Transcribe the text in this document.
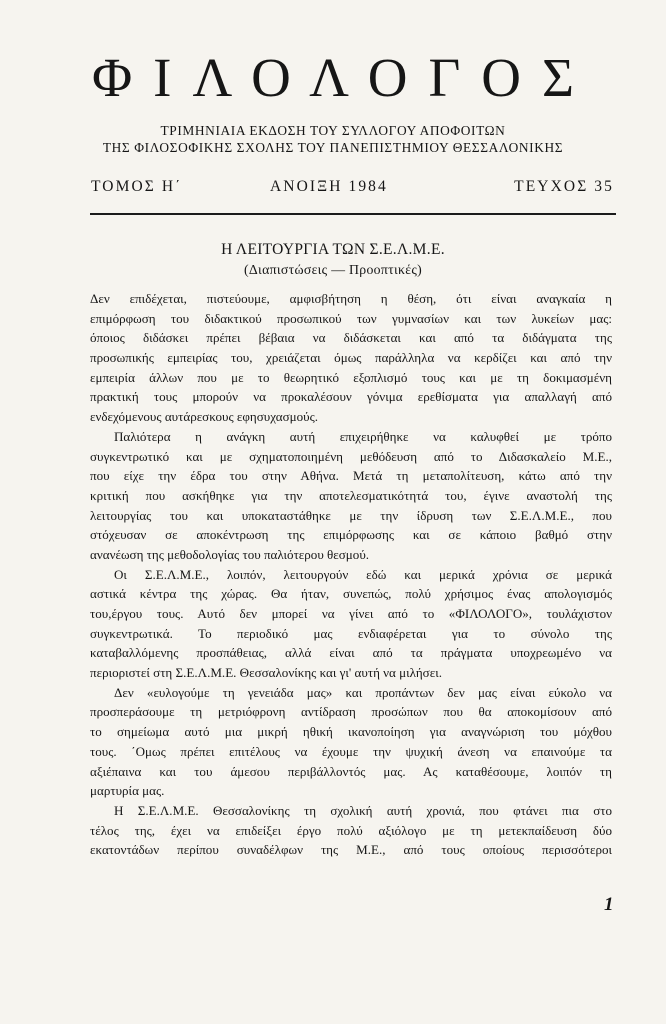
ΦΙΛΟΛΟΓΟΣ
ΤΡΙΜΗΝΙΑΙΑ ΕΚΔΟΣΗ ΤΟΥ ΣΥΛΛΟΓΟΥ ΑΠΟΦΟΙΤΩΝ
ΤΗΣ ΦΙΛΟΣΟΦΙΚΗΣ ΣΧΟΛΗΣ ΤΟΥ ΠΑΝΕΠΙΣΤΗΜΙΟΥ ΘΕΣΣΑΛΟΝΙΚΗΣ
ΤΟΜΟΣ Η΄	ΑΝΟΙΞΗ 1984	ΤΕΥΧΟΣ 35
Η ΛΕΙΤΟΥΡΓΙΑ ΤΩΝ Σ.Ε.Λ.Μ.Ε.
(Διαπιστώσεις — Προοπτικές)
Δεν επιδέχεται, πιστεύουμε, αμφισβήτηση η θέση, ότι είναι αναγκαία η
επιμόρφωση του διδακτικού προσωπικού των γυμνασίων και των λυκείων μας:
όποιος διδάσκει πρέπει βέβαια να διδάσκεται και από τα διδάγματα της
προσωπικής εμπειρίας του, χρειάζεται όμως παράλληλα να κερδίζει και από την
εμπειρία άλλων που με το θεωρητικό εξοπλισμό τους και με τη δοκιμασμένη
πρακτική τους μπορούν να προκαλέσουν γόνιμα ερεθίσματα για απαλλαγή από
ενδεχόμενους αυτάρεσκους εφησυχασμούς.
Παλιότερα η ανάγκη αυτή επιχειρήθηκε να καλυφθεί με τρόπο
συγκεντρωτικό και με σχηματοποιημένη μεθόδευση από το Διδασκαλείο Μ.Ε.,
που είχε την έδρα του στην Αθήνα. Μετά τη μεταπολίτευση, κάτω από την
κριτική που ασκήθηκε για την αποτελεσματικότητά του, έγινε αναστολή της
λειτουργίας του και υποκαταστάθηκε με την ίδρυση των Σ.Ε.Λ.Μ.Ε., που
στόχευσαν σε αποκέντρωση της επιμόρφωσης και σε κάποιο βαθμό στην
ανανέωση της μεθοδολογίας του παλιότερου θεσμού.
Οι Σ.Ε.Λ.Μ.Ε., λοιπόν, λειτουργούν εδώ και μερικά χρόνια σε μερικά
αστικά κέντρα της χώρας. Θα ήταν, συνεπώς, πολύ χρήσιμος ένας απολογισμός
του,έργου τους. Αυτό δεν μπορεί να γίνει από το «ΦΙΛΟΛΟΓΟ», τουλάχιστον
συγκεντρωτικά. Το περιοδικό μας ενδιαφέρεται για το σύνολο της
καταβαλλόμενης προσπάθειας, αλλά είναι από τα πράγματα υποχρεωμένο να
περιοριστεί στη Σ.Ε.Λ.Μ.Ε. Θεσσαλονίκης και γι' αυτή να μιλήσει.
Δεν «ευλογούμε τη γενειάδα μας» και προπάντων δεν μας είναι εύκολο να
προσπεράσουμε τη μετριόφρονη αντίδραση προσώπων που θα αποκομίσουν από
το σημείωμα αυτό μια μικρή ηθική ικανοποίηση για αναγνώριση του μόχθου
τους. ΄Ομως πρέπει επιτέλους να έχουμε την ψυχική άνεση να επαινούμε τα
αξιέπαινα και του άμεσου περιβάλλοντός μας. Ας καταθέσουμε, λοιπόν τη
μαρτυρία μας.
Η Σ.Ε.Λ.Μ.Ε. Θεσσαλονίκης τη σχολική αυτή χρονιά, που φτάνει πια στο
τέλος της, έχει να επιδείξει έργο πολύ αξιόλογο με τη μετεκπαίδευση δύο
εκατοντάδων περίπου συναδέλφων της Μ.Ε., από τους οποίους περισσότεροι
1
